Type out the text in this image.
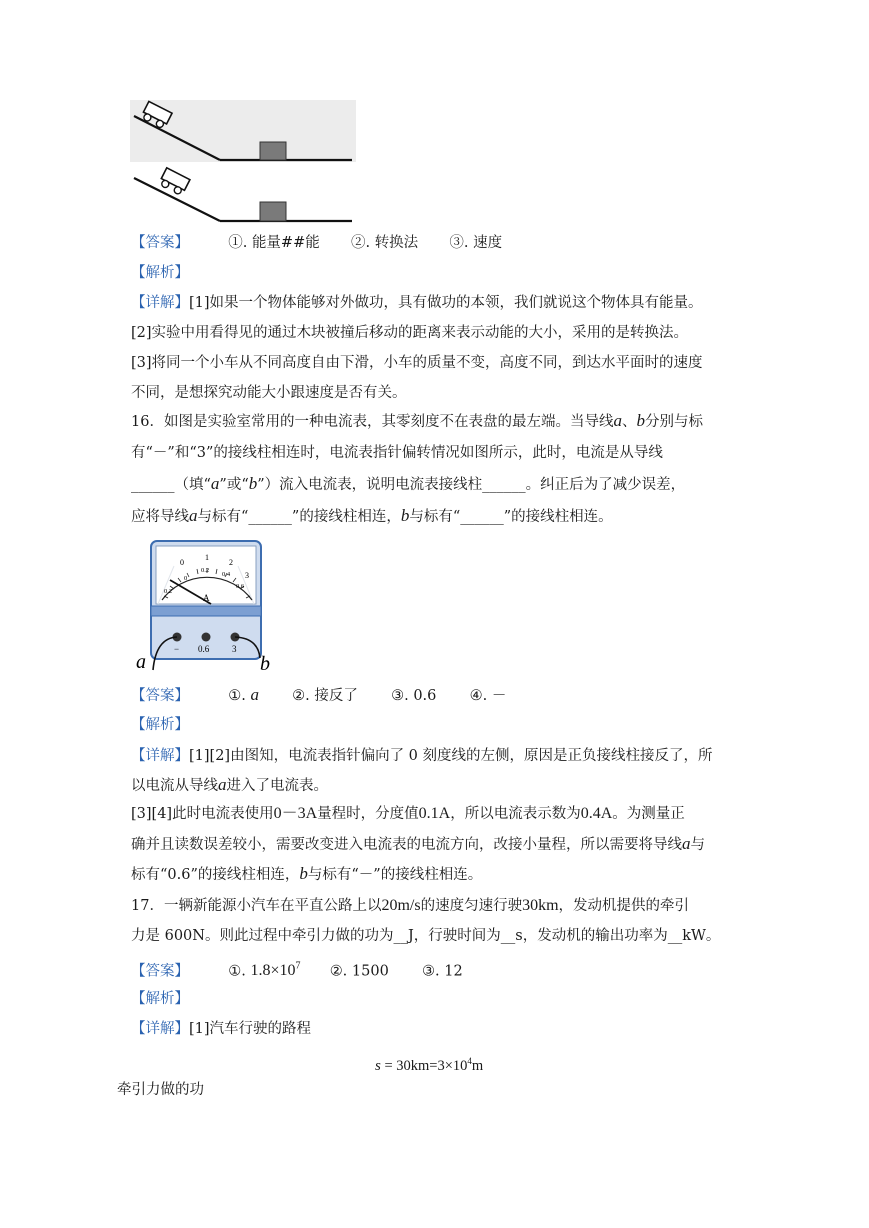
【答案】	①. 能量##能 ②. 转换法 ③. 速度
【解析】
【详解】[1]如果一个物体能够对外做功，具有做功的本领，我们就说这个物体具有能量。
[2]实验中用看得见的通过木块被撞后移动的距离来表示动能的大小，采用的是转换法。
[3]将同一个小车从不同高度自由下滑，小车的质量不变，高度不同，到达水平面时的速度
不同，是想探究动能大小跟速度是否有关。
16．如图是实验室常用的一种电流表，其零刻度不在表盘的最左端。当导线a、b分别与标
有“－”和“3”的接线柱相连时，电流表指针偏转情况如图所示，此时，电流是从导线
______（填“a”或“b”）流入电流表，说明电流表接线柱______。纠正后为了减少误差，
应将导线a与标有“______”的接线柱相连，b与标有“______”的接线柱相连。
0
1
2
3
0.2
0
0.2
0.4
0.6
A
− 0.6	3
a	b
【答案】	①. a ②. 接反了 ③. 0.6 ④. －
【解析】
【详解】[1][2]由图知，电流表指针偏向了 0 刻度线的左侧，原因是正负接线柱接反了，所
以电流从导线a进入了电流表。
[3][4]此时电流表使用0－3A量程时，分度值0.1A，所以电流表示数为0.4A。为测量正
确并且读数误差较小，需要改变进入电流表的电流方向，改接小量程，所以需要将导线a与
标有“0.6”的接线柱相连，b与标有“－”的接线柱相连。
17．一辆新能源小汽车在平直公路上以20m/s的速度匀速行驶30km，发动机提供的牵引
力是 600N。则此过程中牵引力做的功为__J，行驶时间为__s，发动机的输出功率为__kW。
【答案】	①. $1.8\times 10^7$ ②. 1500 ③. 12
【解析】
【详解】[1]汽车行驶的路程
$s = 30km=3\times 10^4m$
牵引力做的功
